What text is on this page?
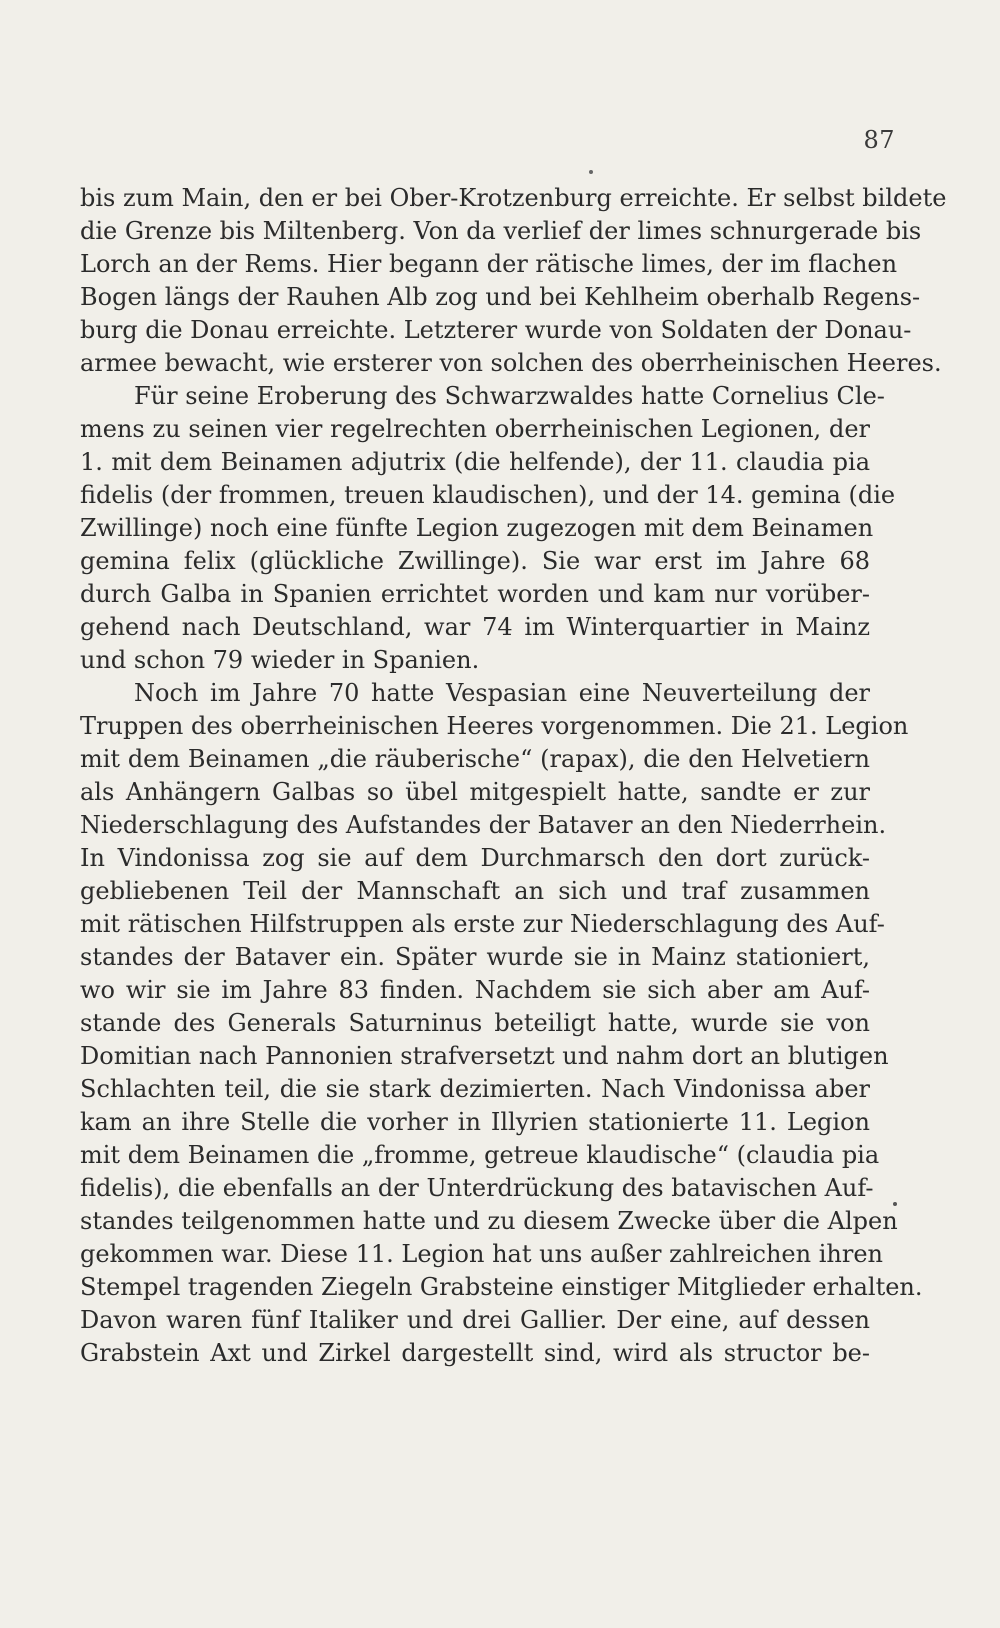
87
bis zum Main, den er bei Ober-Krotzenburg erreichte. Er selbst bildete
die Grenze bis Miltenberg. Von da verlief der limes schnurgerade bis
Lorch an der Rems. Hier begann der rätische limes, der im flachen
Bogen längs der Rauhen Alb zog und bei Kehlheim oberhalb Regens-
burg die Donau erreichte. Letzterer wurde von Soldaten der Donau-
armee bewacht, wie ersterer von solchen des oberrheinischen Heeres.
Für seine Eroberung des Schwarzwaldes hatte Cornelius Cle-
mens zu seinen vier regelrechten oberrheinischen Legionen, der
1. mit dem Beinamen adjutrix (die helfende), der 11. claudia pia
fidelis (der frommen, treuen klaudischen), und der 14. gemina (die
Zwillinge) noch eine fünfte Legion zugezogen mit dem Beinamen
gemina felix (glückliche Zwillinge). Sie war erst im Jahre 68
durch Galba in Spanien errichtet worden und kam nur vorüber-
gehend nach Deutschland, war 74 im Winterquartier in Mainz
und schon 79 wieder in Spanien.
Noch im Jahre 70 hatte Vespasian eine Neuverteilung der
Truppen des oberrheinischen Heeres vorgenommen. Die 21. Legion
mit dem Beinamen „die räuberische“ (rapax), die den Helvetiern
als Anhängern Galbas so übel mitgespielt hatte, sandte er zur
Niederschlagung des Aufstandes der Bataver an den Niederrhein.
In Vindonissa zog sie auf dem Durchmarsch den dort zurück-
gebliebenen Teil der Mannschaft an sich und traf zusammen
mit rätischen Hilfstruppen als erste zur Niederschlagung des Auf-
standes der Bataver ein. Später wurde sie in Mainz stationiert,
wo wir sie im Jahre 83 finden. Nachdem sie sich aber am Auf-
stande des Generals Saturninus beteiligt hatte, wurde sie von
Domitian nach Pannonien strafversetzt und nahm dort an blutigen
Schlachten teil, die sie stark dezimierten. Nach Vindonissa aber
kam an ihre Stelle die vorher in Illyrien stationierte 11. Legion
mit dem Beinamen die „fromme, getreue klaudische“ (claudia pia
fidelis), die ebenfalls an der Unterdrückung des batavischen Auf-
standes teilgenommen hatte und zu diesem Zwecke über die Alpen
gekommen war. Diese 11. Legion hat uns außer zahlreichen ihren
Stempel tragenden Ziegeln Grabsteine einstiger Mitglieder erhalten.
Davon waren fünf Italiker und drei Gallier. Der eine, auf dessen
Grabstein Axt und Zirkel dargestellt sind, wird als structor be-
